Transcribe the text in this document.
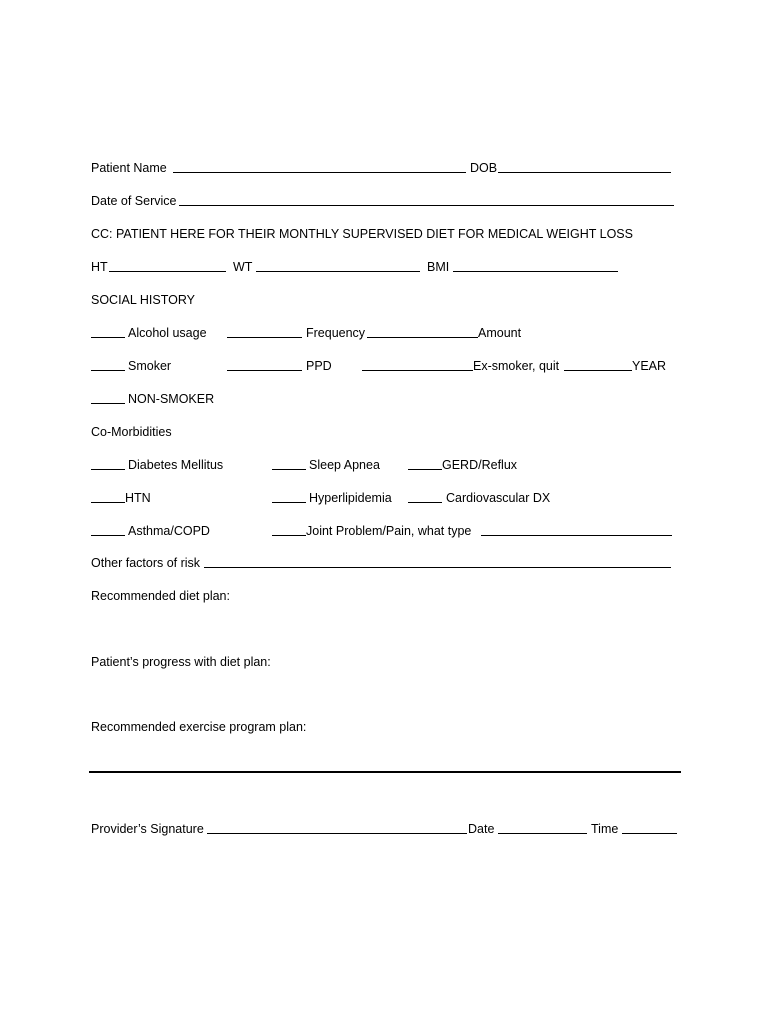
Patient Name	DOB
Date of Service
CC: PATIENT HERE FOR THEIR MONTHLY SUPERVISED DIET FOR MEDICAL WEIGHT LOSS
HT	WT	BMI
SOCIAL HISTORY
Alcohol usage	Frequency	Amount
Smoker	PPD	Ex-smoker, quit	YEAR
NON-SMOKER
Co-Morbidities
Diabetes Mellitus	Sleep Apnea	GERD/Reflux
HTN	Hyperlipidemia	Cardiovascular DX
Asthma/COPD	Joint Problem/Pain, what type
Other factors of risk
Recommended diet plan:
Patient’s progress with diet plan:
Recommended exercise program plan:
Provider’s Signature	Date	Time
